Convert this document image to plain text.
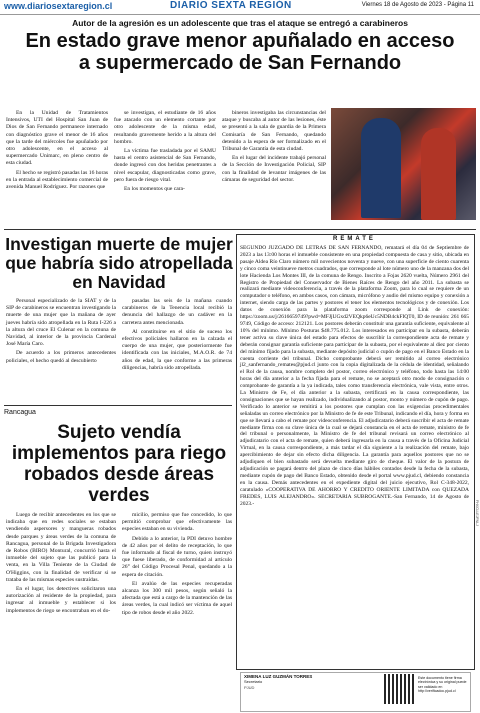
www.diariosextaregion.cl	DIARIO SEXTA REGIÓN	Viernes 18 de Agosto de 2023 - Página 11
Autor de la agresión es un adolescente que tras el ataque se entregó a carabineros
En estado grave menor apuñalado en acceso
a supermercado de San Fernando

En la Unidad de Tratamientos Intensivos, UTI del Hospital San Juan de Dios de San Fernando permanece internado con diagnóstico grave el menor de 16 años que la tarde del miércoles fue apuñalado por otro adolescente, en el acceso al supermercado Unimarc, en pleno centro de esta ciudad.

El hecho se registró pasadas las 16 horas en la entrada al establecimiento comercial de avenida Manuel Rodríguez. Por razones que

se investigan, el estudiante de 16 años fue atacado con un elemento cortante por otro adolescente de la misma edad, resultando gravemente herido a la altura del hombro.

La víctima fue trasladada por el SAMU hasta el centro asistencial de San Fernando, donde ingresó con dos heridas penetrantes a nivel escapular, diagnosticadas como grave, pero fuera de riesgo vital.

En los momentos que cara-

bineros investigaba las circunstancias del ataque y buscaba al autor de las lesiones, éste se presentó a la sala de guardia de la Primera Comisaría de San Fernando, quedando detenido a la espera de ser formalizado en el Tribunal de Garantía de esta ciudad.

En el lugar del incidente trabajó personal de la Sección de Investigación Policial, SIP con la finalidad de levantar imágenes de las cámaras de seguridad del sector.

Investigan muerte de mujer que habría sido atropellada en Navidad

Personal especializado de la SIAT y de la SIP de carabineros se encuentran investigando la muerte de una mujer que la mañana de ayer jueves habría sido atropellada en la Ruta I-226 a la altura del cruce El Culenar en la comuna de Navidad, al interior de la provincia Cardenal José María Caro.

De acuerdo a los primeros antecedentes policiales, el hecho quedó al descubierto

pasadas las seis de la mañana cuando carabineros de la Tenencia local recibió la denuncia del hallazgo de un cadáver en la carretera antes mencionada.

Al constituirse en el sitio de suceso los efectivos policiales hallaron en la calzada el cuerpo de una mujer, que posteriormente fue identificada con las iniciales, M.A.O.R. de 74 años de edad, la que conforme a las primeras diligencias, habría sido atropellada.

Rancagua
Sujeto vendía implementos para riego robados desde áreas verdes

Luego de recibir antecedentes en los que se indicaba que en redes sociales se estaban vendiendo aspersores y mangueras robados desde parques y áreas verdes de la comuna de Rancagua, personal de la Brigada Investigadora de Robos (BIRO) Montural, concurrió hasta el inmueble del sujeto que las publicó para la venta, en la Villa Teniente de la Ciudad de O'Higgins, con la finalidad de verificar si se trataba de las mismas especies sustraídas.

En el lugar, los detectives solicitaron una autorización al residente de la propiedad, para ingresar al inmueble y establecer si los implementos de riego se encontraban en el do-

micilio, permiso que fue concedido, lo que permitió comprobar que efectivamente las especies estaban en su vivienda.

Debido a lo anterior, la PDI detuvo hombre de 42 años por el delito de receptación, lo que fue informado al fiscal de turno, quien instruyó que fuese liberado, de conformidad al artículo 26° del Código Procesal Penal, quedando a la espera de citación.

El avalúo de las especies recuperadas alcanza los 300 mil pesos, según señaló la afectada que está a cargo de la mantención de las áreas verdes, la cual indicó ser víctima de aquel tipo de robos desde el año 2022.

REMATE
SEGUNDO JUZGADO DE LETRAS DE SAN FERNANDO, rematará el día 04 de Septiembre de 2023 a las 13:00 horas el inmueble consistente en una propiedad compuesta de casa y sitio, ubicada en pasaje Aldea Río Claro número mil novecientos noventa y nueve, con una superficie de ciento cuarenta y cinco coma veintinueve metros cuadrados, que corresponde al lote número uno de la manzana dos del lote Hacienda Los Montes III, de la comuna de Rengo. Inscrito a Fojas 2620 vuelta, Número 2961 del Registro de Propiedad del Conservador de Bienes Raíces de Rengo del año 2011. La subasta se realizará mediante videoconferencia, a través de la plataforma Zoom, para lo cual se requiere de un computador o teléfono, en ambos casos, con cámara, micrófono y audio del mismo equipo y conexión a internet, siendo carga de las partes y postores el tener los elementos tecnológicos y de conexión. Los datos de conexión para la plataforma zoom corresponde al Link de conexión: https://zoom.us/j/2616659749?pwd=MFJjUGxd2VEQkp6eUc5NDB4ckFIQT0, ID de reunión: 261 665 9749, Código de acceso: 212121. Los postores deberán constituir una garantía suficiente, equivalente al 10% del mínimo. Mínimo Posturas $48.775.012. Los interesados en participar en la subasta, deberán tener activa su clave única del estado para efectos de suscribir la correspondiente acta de remate y deberán consignar garantía suficiente para participar de la subasta, por el equivalente al diez por ciento del mínimo fijado para la subasta, mediante depósito judicial o cupón de pago en el Banco Estado en la cuenta corriente del tribunal. Dicho comprobante deberá ser remitido al correo electrónico jl2_sanfernando_remates@pjud.cl junto con la copia digitalizada de la cédula de identidad, señalando el Rol de la causa, nombre completo del postor, correo electrónico y teléfono, todo hasta las 14:00 horas del día anterior a la fecha fijada para el remate, no se aceptará otro modo de consignación o comprobante de garantía a la ya indicada, tales como transferencia electrónica, vale vista, entre otros. La Ministro de Fe, el día anterior a la subasta, certificará en la causa correspondiente, las consignaciones que se hayan realizado, individualizando al postor, monto y número de cupón de pago. Verificado lo anterior se remitirá a los postores que cumplan con las exigencias procedimentales señaladas un correo electrónico por la Ministro de fe de este Tribunal, indicando el día, hora y forma en que se llevará a cabo el remate por videoconferencia. El adjudicatario deberá suscribir el acta de remate mediante firma con su clave única de la cual se dejará constancia en el acta de remate, ministro de fe del tribunal o personalmente, la Ministro de fe del tribunal revisará un correo electrónico al adjudicatario con el acta de remate, quien deberá ingresarla en la causa a través de la Oficina Judicial Virtual, en la causa correspondiente, a más tardar el día siguiente a la realización del remate, bajo apercibimiento de dejar sin efecto dicha diligencia. La garantía para aquellos postores que no se adjudiquen el bien subastado será devuelta mediante giro de cheque. El valor de la postura de adjudicación se pagará dentro del plazo de cinco días hábiles contados desde la fecha de la subasta, mediante cupón de pago del Banco Estado, obtenido desde el portal www.pjud.cl, debiendo constancia en la causa. Demás antecedentes en el expediente digital del juicio ejecutivo, Rol C-348-2022, caratulado «COOPERATIVA DE AHORRO Y CREDITO ORIENTE LIMITADA con QUEZADA FREDES, LUIS ALEJANDRO». SECRETARIA SUBROGANTE.-San Fernando, 14 de Agosto de 2023.-
XIMENA LUZ GUZMÁN TORRES
Secretario
PJUD
Este documento tiene firma electrónica y su original puede ser validado en http://verificadoc.pjud.cl
FHXCLLEJFNLJ
